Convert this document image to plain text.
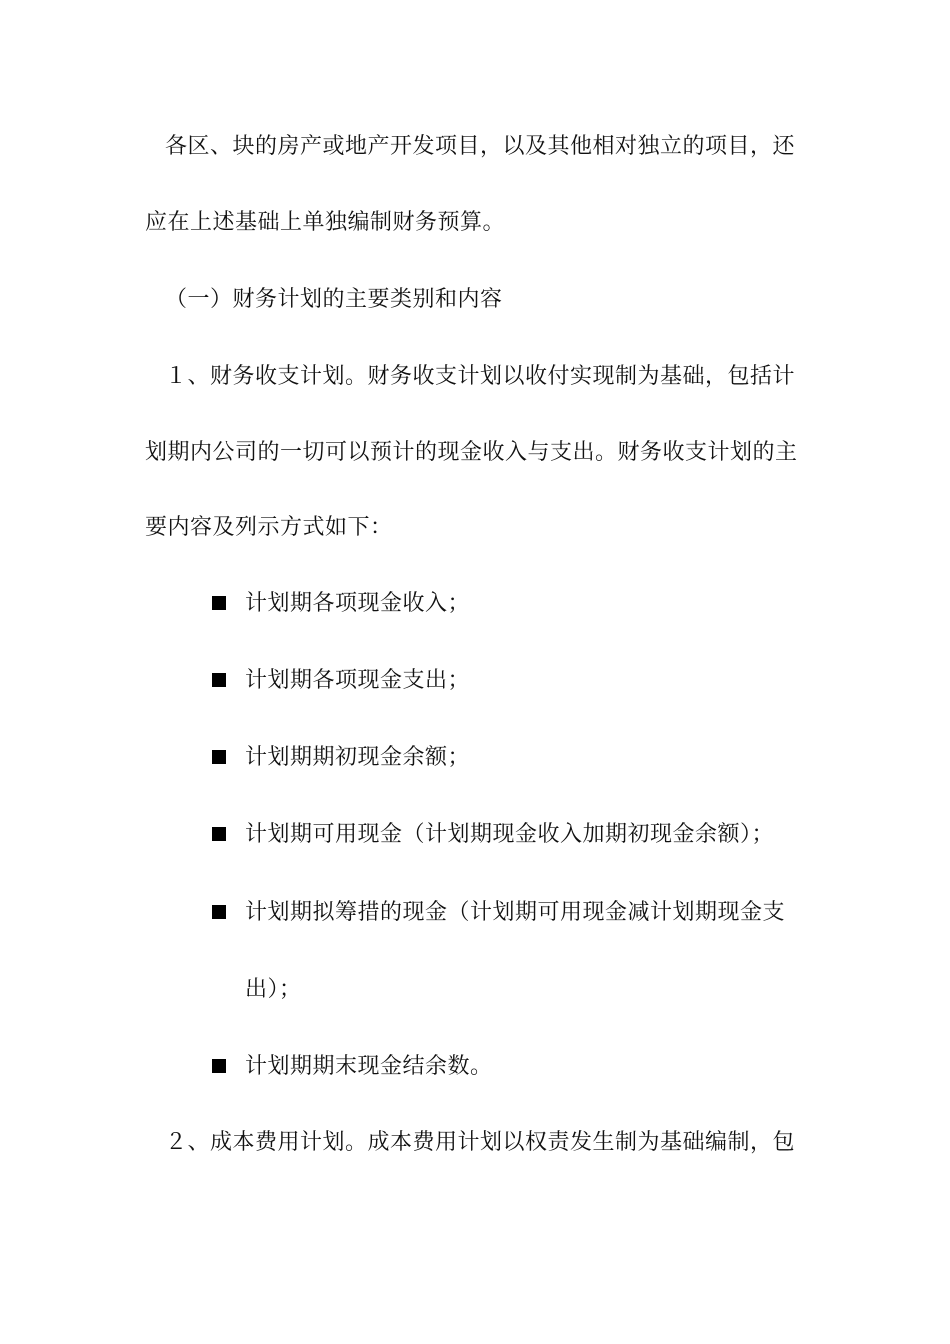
各区、块的房产或地产开发项目，以及其他相对独立的项目，还
应在上述基础上单独编制财务预算。
（一）财务计划的主要类别和内容
１、财务收支计划。财务收支计划以收付实现制为基础，包括计
划期内公司的一切可以预计的现金收入与支出。财务收支计划的主
要内容及列示方式如下：
计划期各项现金收入；
计划期各项现金支出；
计划期期初现金余额；
计划期可用现金（计划期现金收入加期初现金余额）；
计划期拟筹措的现金（计划期可用现金减计划期现金支
出）；
计划期期末现金结余数。
２、成本费用计划。成本费用计划以权责发生制为基础编制，包
